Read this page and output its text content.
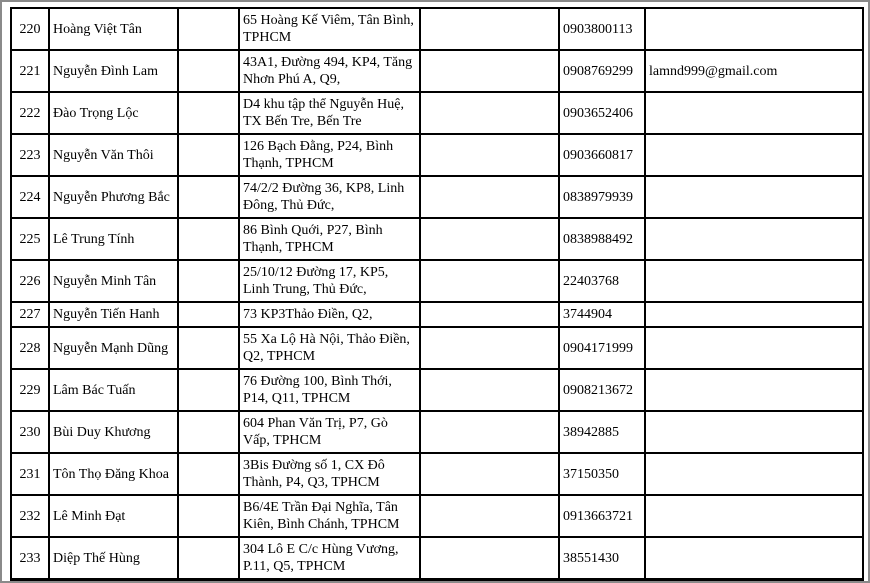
220	Hoàng Việt Tân		65 Hoàng Kế Viêm, Tân Bình, TPHCM		0903800113	
221	Nguyễn Đình Lam		43A1, Đường 494, KP4, Tăng Nhơn Phú A, Q9,		0908769299	lamnd999@gmail.com
222	Đào Trọng Lộc		D4 khu tập thể Nguyễn Huệ, TX Bến Tre, Bến Tre		0903652406	
223	Nguyễn Văn Thôi		126 Bạch Đằng, P24, Bình Thạnh, TPHCM		0903660817	
224	Nguyễn Phương Bắc		74/2/2 Đường 36, KP8, Linh Đông, Thủ Đức,		0838979939	
225	Lê Trung Tính		86 Bình Quới, P27, Bình Thạnh, TPHCM		0838988492	
226	Nguyễn Minh Tân		25/10/12 Đường 17, KP5, Linh Trung, Thủ Đức,		22403768	
227	Nguyễn Tiến Hanh		73 KP3Thảo Điền, Q2,		3744904	
228	Nguyễn Mạnh Dũng		55 Xa Lộ Hà Nội, Thảo Điền, Q2, TPHCM		0904171999	
229	Lâm Bác Tuấn		76 Đường 100, Bình Thới, P14, Q11, TPHCM		0908213672	
230	Bùi Duy Khương		604 Phan Văn Trị, P7, Gò Vấp, TPHCM		38942885	
231	Tôn Thọ Đăng Khoa		3Bis Đường số 1, CX Đô Thành, P4, Q3, TPHCM		37150350	
232	Lê Minh Đạt		B6/4E Trần Đại Nghĩa, Tân Kiên, Bình Chánh, TPHCM		0913663721	
233	Diệp Thế Hùng		304 Lô E C/c Hùng Vương, P.11, Q5, TPHCM		38551430	
